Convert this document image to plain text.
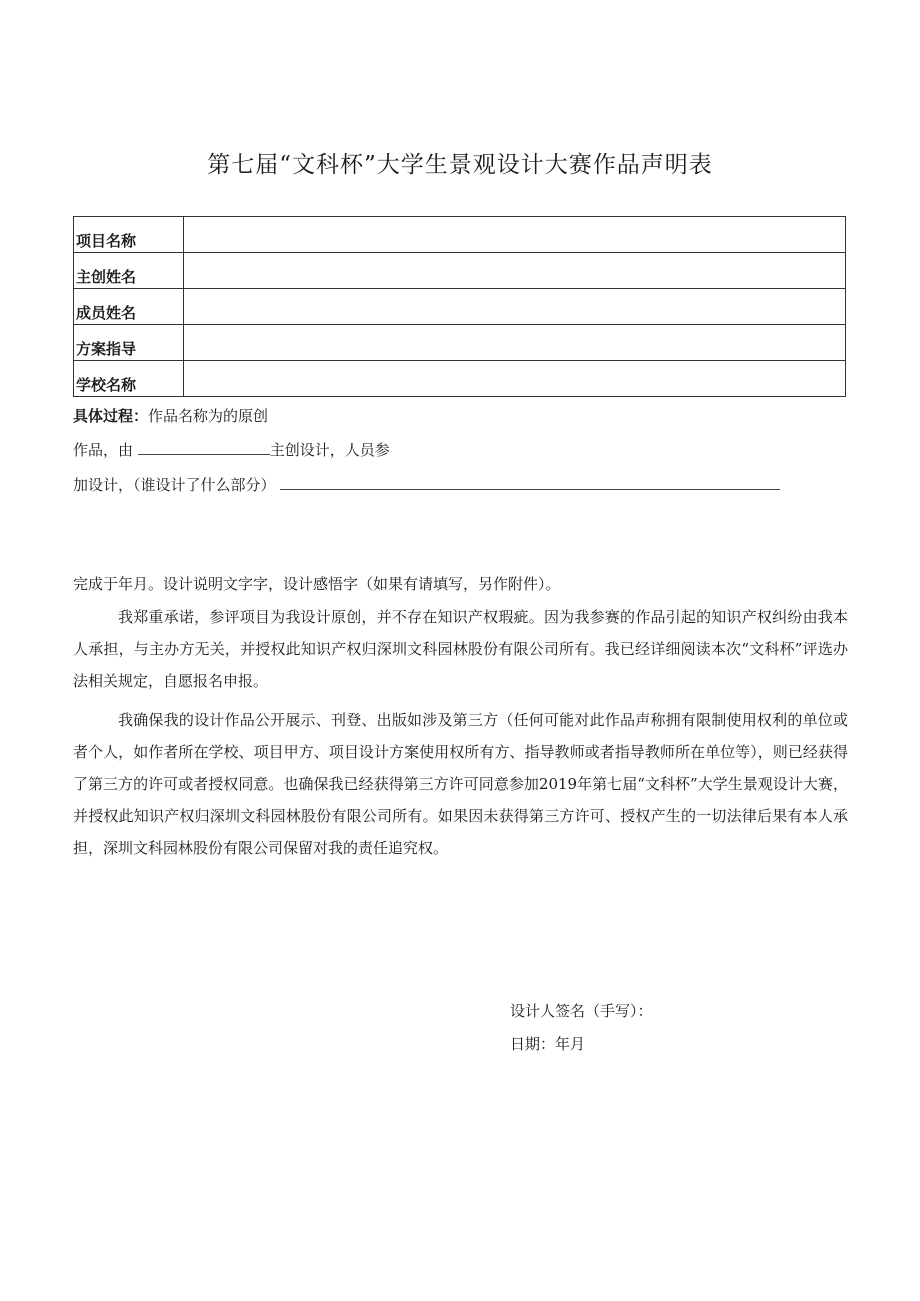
第七届“文科杯”大学生景观设计大赛作品声明表
项目名称	
主创姓名	
成员姓名	
方案指导	
学校名称	
具体过程：作品名称为的原创
作品，由	主创设计，人员参
加设计，（谁设计了什么部分）
完成于年月。设计说明文字字，设计感悟字（如果有请填写，另作附件）。

我郑重承诺，参评项目为我设计原创，并不存在知识产权瑕疵。因为我参赛的作品引起的知识产权纠纷由我本人承担，与主办方无关，并授权此知识产权归深圳文科园林股份有限公司所有。我已经详细阅读本次“文科杯”评选办法相关规定，自愿报名申报。

我确保我的设计作品公开展示、刊登、出版如涉及第三方（任何可能对此作品声称拥有限制使用权利的单位或者个人，如作者所在学校、项目甲方、项目设计方案使用权所有方、指导教师或者指导教师所在单位等），则已经获得了第三方的许可或者授权同意。也确保我已经获得第三方许可同意参加2019年第七届“文科杯”大学生景观设计大赛，并授权此知识产权归深圳文科园林股份有限公司所有。如果因未获得第三方许可、授权产生的一切法律后果有本人承担，深圳文科园林股份有限公司保留对我的责任追究权。

设计人签名（手写）：
日期：年月
